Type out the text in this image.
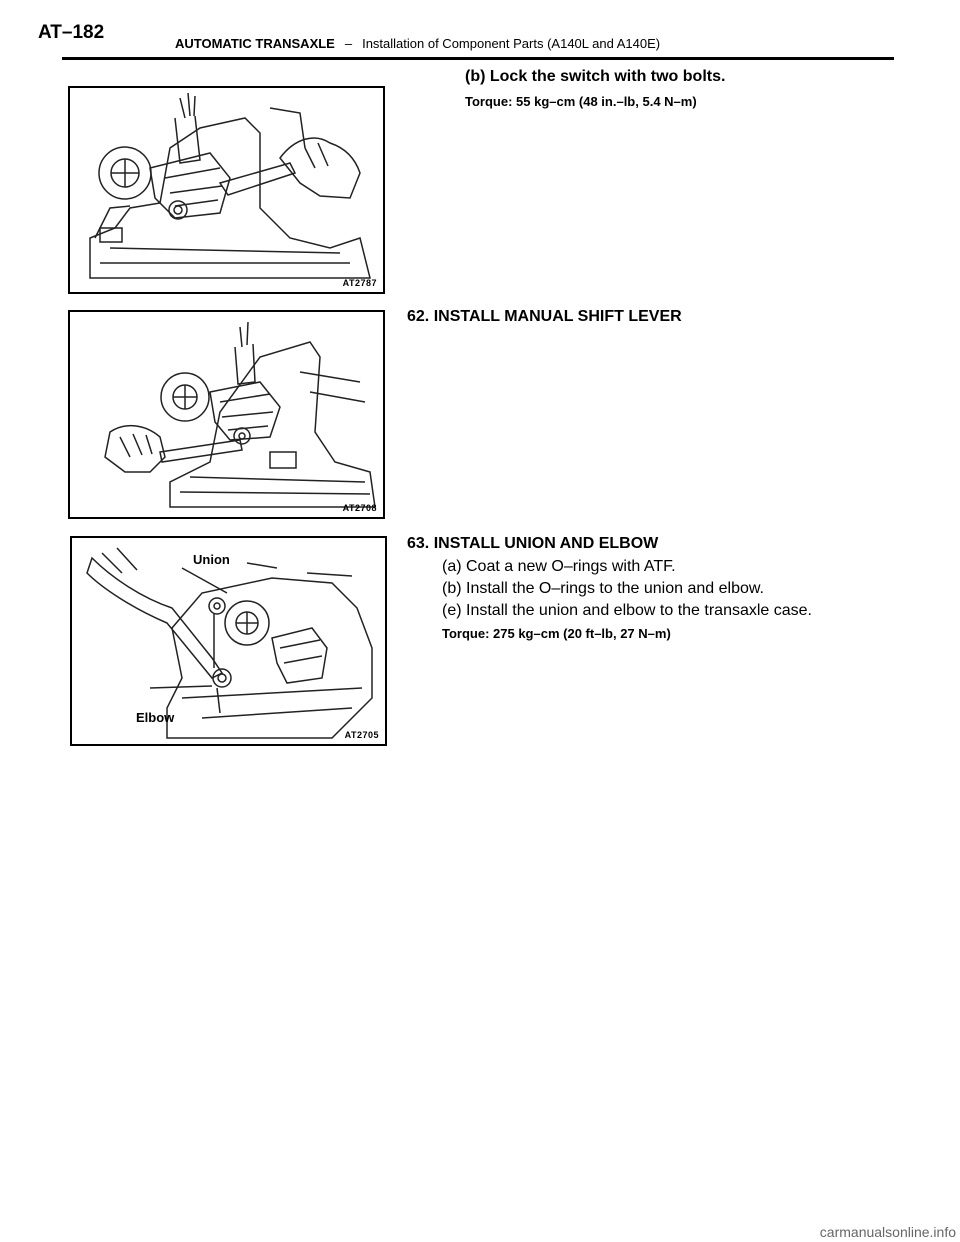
AT–182
AUTOMATIC TRANSAXLE – Installation of Component Parts (A140L and A140E)
AT2787
(b) Lock the switch with two bolts.
Torque: 55 kg–cm (48 in.–lb, 5.4 N–m)
AT2708
62. INSTALL MANUAL SHIFT LEVER
Union
Elbow
AT2705
63. INSTALL UNION AND ELBOW
(a) Coat a new O–rings with ATF.
(b) Install the O–rings to the union and elbow.
(e) Install the union and elbow to the transaxle case.
Torque: 275 kg–cm (20 ft–lb, 27 N–m)
carmanualsonline.info
